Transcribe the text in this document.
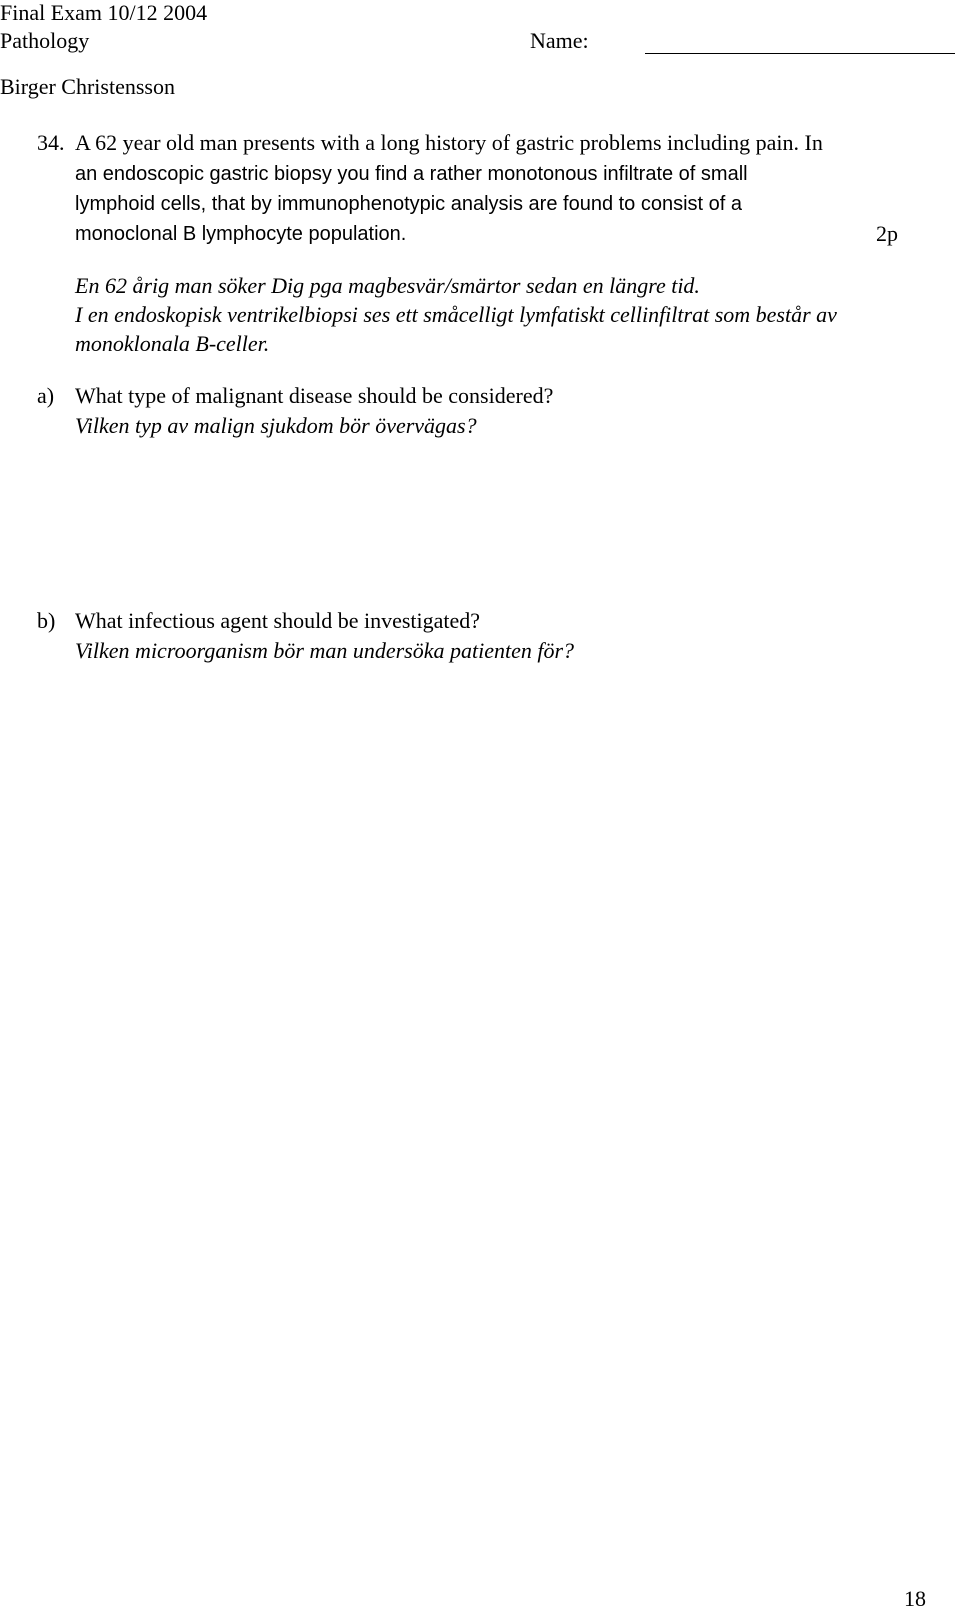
Final Exam 10/12 2004
Pathology	Name:
Birger Christensson
34. A 62 year old man presents with a long history of gastric problems including pain. In
an endoscopic gastric biopsy you find a rather monotonous infiltrate of small
lymphoid cells, that by immunophenotypic analysis are found to consist of a
monoclonal B lymphocyte population.	2p
En 62 årig man söker Dig pga magbesvär/smärtor sedan en längre tid.
I en endoskopisk ventrikelbiopsi ses ett småcelligt lymfatiskt cellinfiltrat som består av
monoklonala B-celler.
a) What type of malignant disease should be considered?
Vilken typ av malign sjukdom bör övervägas?
b) What infectious agent should be investigated?
Vilken microorganism bör man undersöka patienten för?
18
